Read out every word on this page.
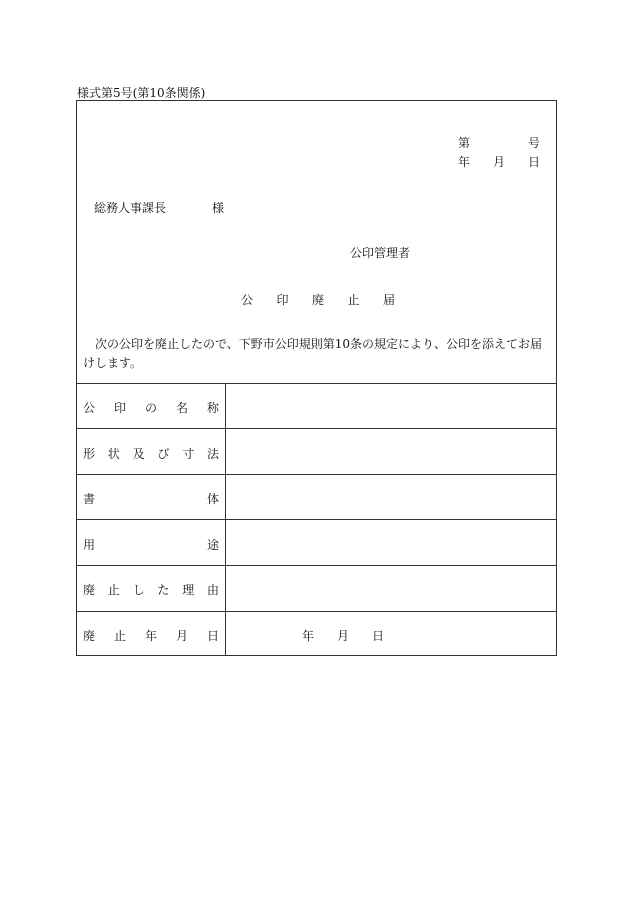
様式第5号(第10条関係)
第	号
年 月 日
総務人事課長	様
公印管理者
公 印 廃 止 届
次の公印を廃止したので、下野市公印規則第10条の規定により、公印を添えてお届けします。
公 印 の 名 称
形 状 及 び 寸 法
書	体
用	途
廃 止 し た 理 由
廃 止 年 月 日	年 月 日
